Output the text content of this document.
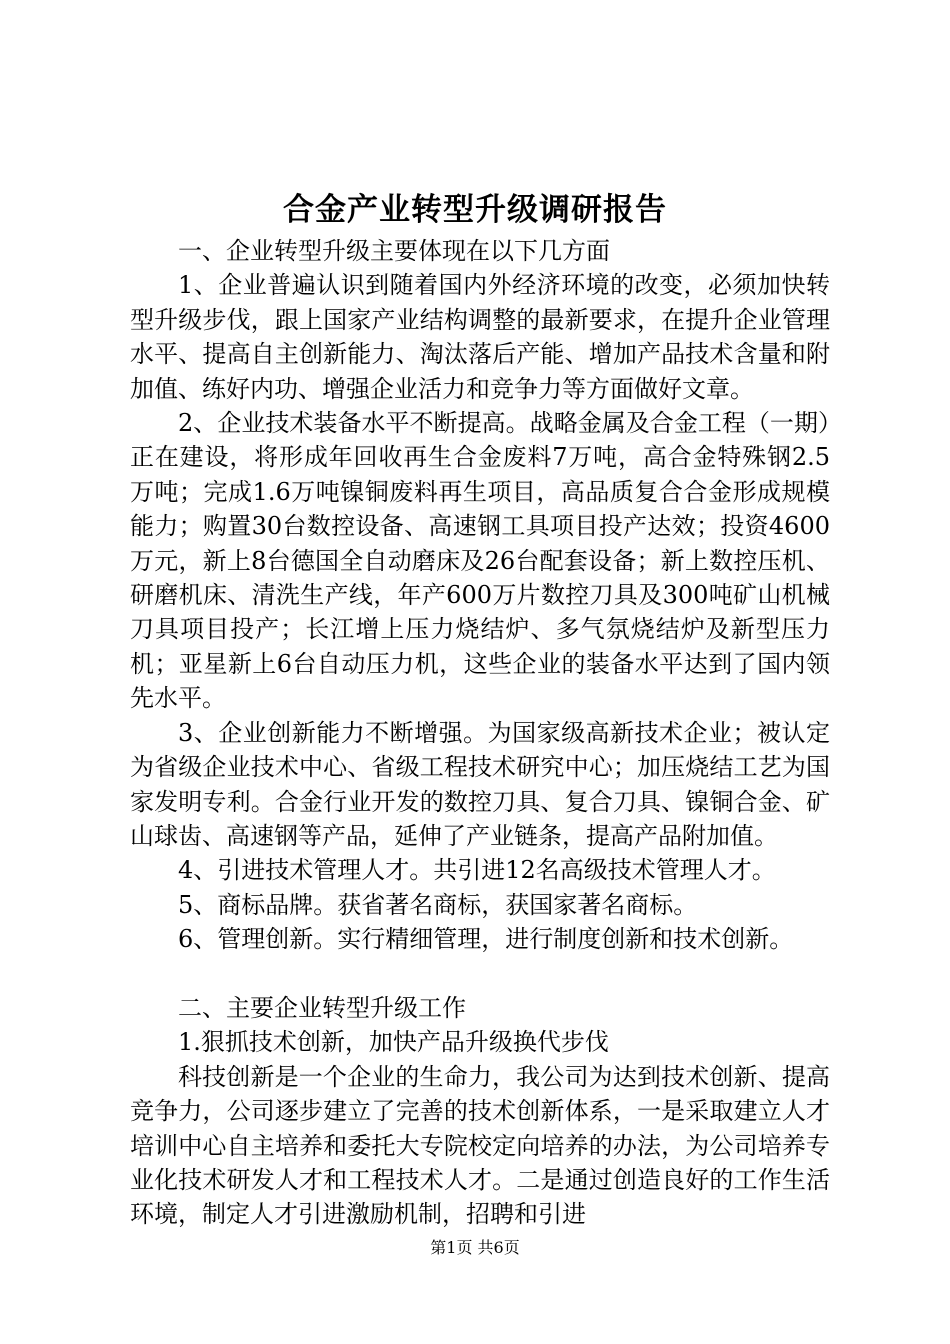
合金产业转型升级调研报告

一、企业转型升级主要体现在以下几方面

1、企业普遍认识到随着国内外经济环境的改变，必须加快转型升级步伐，跟上国家产业结构调整的最新要求，在提升企业管理水平、提高自主创新能力、淘汰落后产能、增加产品技术含量和附加值、练好内功、增强企业活力和竞争力等方面做好文章。

2、企业技术装备水平不断提高。战略金属及合金工程（一期）正在建设，将形成年回收再生合金废料7万吨，高合金特殊钢2.5万吨；完成1.6万吨镍铜废料再生项目，高品质复合合金形成规模能力；购置30台数控设备、高速钢工具项目投产达效；投资4600万元，新上8台德国全自动磨床及26台配套设备；新上数控压机、研磨机床、清洗生产线，年产600万片数控刀具及300吨矿山机械刀具项目投产；长江增上压力烧结炉、多气氛烧结炉及新型压力机；亚星新上6台自动压力机，这些企业的装备水平达到了国内领先水平。

3、企业创新能力不断增强。为国家级高新技术企业；被认定为省级企业技术中心、省级工程技术研究中心；加压烧结工艺为国家发明专利。合金行业开发的数控刀具、复合刀具、镍铜合金、矿山球齿、高速钢等产品，延伸了产业链条，提高产品附加值。

4、引进技术管理人才。共引进12名高级技术管理人才。

5、商标品牌。获省著名商标，获国家著名商标。

6、管理创新。实行精细管理，进行制度创新和技术创新。

二、主要企业转型升级工作

1.狠抓技术创新，加快产品升级换代步伐

科技创新是一个企业的生命力，我公司为达到技术创新、提高竞争力，公司逐步建立了完善的技术创新体系，一是采取建立人才培训中心自主培养和委托大专院校定向培养的办法，为公司培养专业化技术研发人才和工程技术人才。二是通过创造良好的工作生活环境，制定人才引进激励机制，招聘和引进

第1页 共6页
